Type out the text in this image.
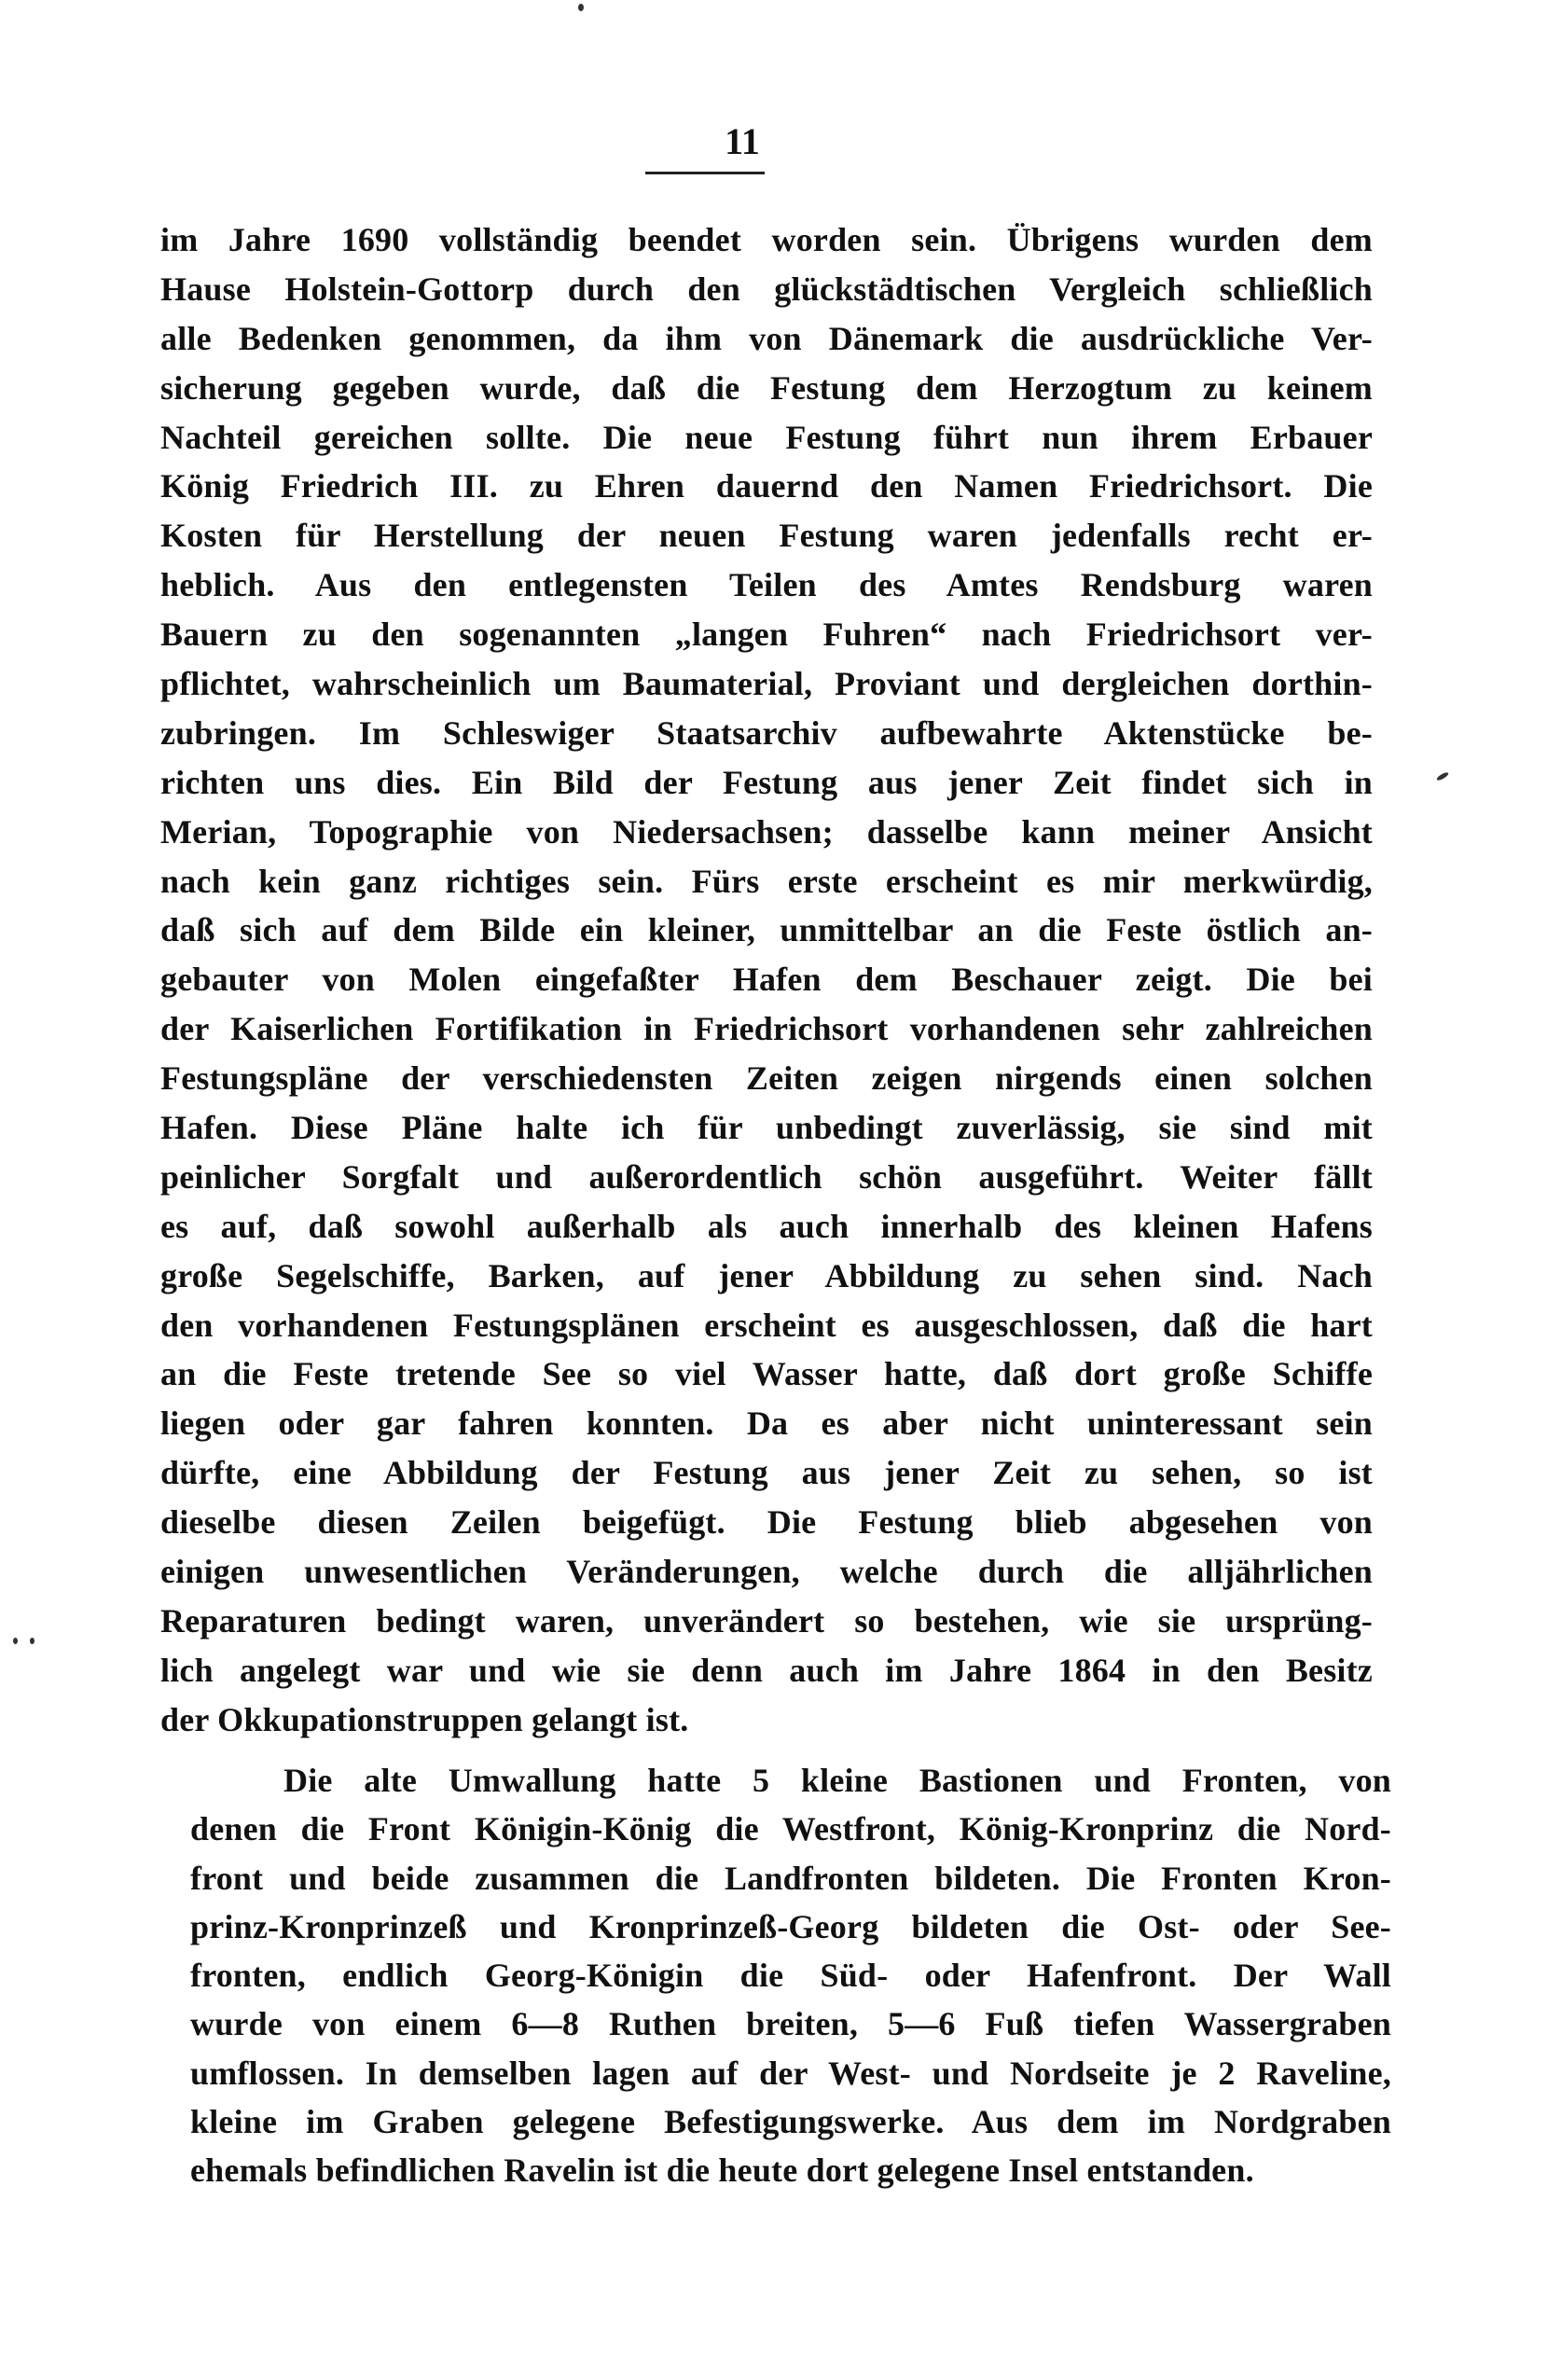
11
im Jahre 1690 vollständig beendet worden sein. Übrigens wurden dem
Hause Holstein-Gottorp durch den glückstädtischen Vergleich schließlich
alle Bedenken genommen, da ihm von Dänemark die ausdrückliche Ver-
sicherung gegeben wurde, daß die Festung dem Herzogtum zu keinem
Nachteil gereichen sollte. Die neue Festung führt nun ihrem Erbauer
König Friedrich III. zu Ehren dauernd den Namen Friedrichsort. Die
Kosten für Herstellung der neuen Festung waren jedenfalls recht er-
heblich. Aus den entlegensten Teilen des Amtes Rendsburg waren
Bauern zu den sogenannten „langen Fuhren“ nach Friedrichsort ver-
pflichtet, wahrscheinlich um Baumaterial, Proviant und dergleichen dorthin-
zubringen. Im Schleswiger Staatsarchiv aufbewahrte Aktenstücke be-
richten uns dies. Ein Bild der Festung aus jener Zeit findet sich in
Merian, Topographie von Niedersachsen; dasselbe kann meiner Ansicht
nach kein ganz richtiges sein. Fürs erste erscheint es mir merkwürdig,
daß sich auf dem Bilde ein kleiner, unmittelbar an die Feste östlich an-
gebauter von Molen eingefaßter Hafen dem Beschauer zeigt. Die bei
der Kaiserlichen Fortifikation in Friedrichsort vorhandenen sehr zahlreichen
Festungspläne der verschiedensten Zeiten zeigen nirgends einen solchen
Hafen. Diese Pläne halte ich für unbedingt zuverlässig, sie sind mit
peinlicher Sorgfalt und außerordentlich schön ausgeführt. Weiter fällt
es auf, daß sowohl außerhalb als auch innerhalb des kleinen Hafens
große Segelschiffe, Barken, auf jener Abbildung zu sehen sind. Nach
den vorhandenen Festungsplänen erscheint es ausgeschlossen, daß die hart
an die Feste tretende See so viel Wasser hatte, daß dort große Schiffe
liegen oder gar fahren konnten. Da es aber nicht uninteressant sein
dürfte, eine Abbildung der Festung aus jener Zeit zu sehen, so ist
dieselbe diesen Zeilen beigefügt. Die Festung blieb abgesehen von
einigen unwesentlichen Veränderungen, welche durch die alljährlichen
Reparaturen bedingt waren, unverändert so bestehen, wie sie ursprüng-
lich angelegt war und wie sie denn auch im Jahre 1864 in den Besitz
der Okkupationstruppen gelangt ist.
Die alte Umwallung hatte 5 kleine Bastionen und Fronten, von
denen die Front Königin-König die Westfront, König-Kronprinz die Nord-
front und beide zusammen die Landfronten bildeten. Die Fronten Kron-
prinz-Kronprinzeß und Kronprinzeß-Georg bildeten die Ost- oder See-
fronten, endlich Georg-Königin die Süd- oder Hafenfront. Der Wall
wurde von einem 6—8 Ruthen breiten, 5—6 Fuß tiefen Wassergraben
umflossen. In demselben lagen auf der West- und Nordseite je 2 Raveline,
kleine im Graben gelegene Befestigungswerke. Aus dem im Nordgraben
ehemals befindlichen Ravelin ist die heute dort gelegene Insel entstanden.
